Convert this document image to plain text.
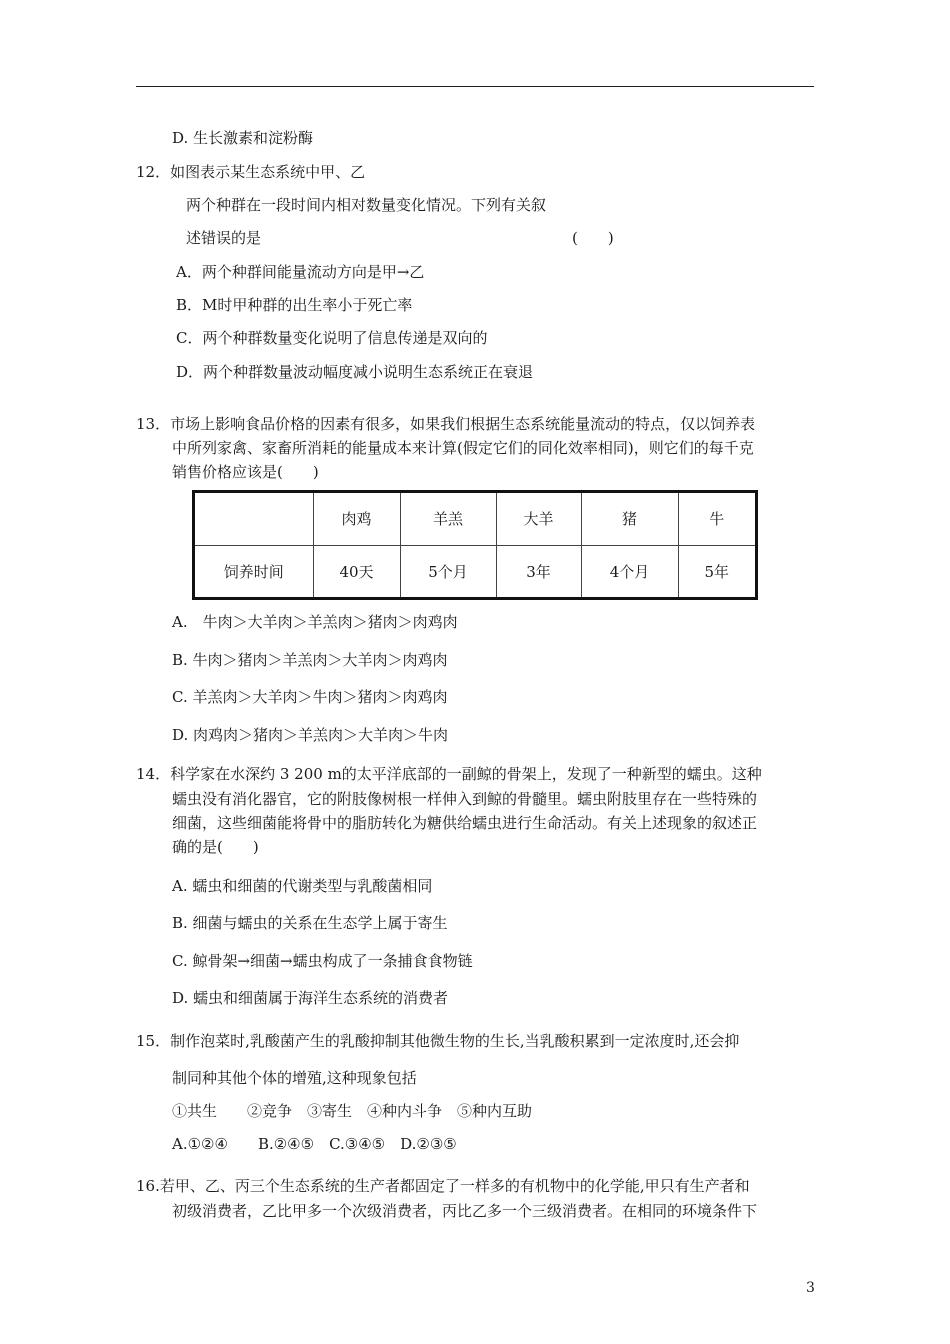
D. 生长激素和淀粉酶
12．如图表示某生态系统中甲、乙
两个种群在一段时间内相对数量变化情况。下列有关叙
述错误的是	(　　)
A．两个种群间能量流动方向是甲→乙
B．M时甲种群的出生率小于死亡率
C．两个种群数量变化说明了信息传递是双向的
D．两个种群数量波动幅度减小说明生态系统正在衰退
13．市场上影响食品价格的因素有很多，如果我们根据生态系统能量流动的特点，仅以饲养表
中所列家禽、家畜所消耗的能量成本来计算(假定它们的同化效率相同)，则它们的每千克
销售价格应该是(　　)
	肉鸡	羊羔	大羊	猪	牛
饲养时间	40天	5个月	3年	4个月	5年
A.　牛肉＞大羊肉＞羊羔肉＞猪肉＞肉鸡肉
B. 牛肉＞猪肉＞羊羔肉＞大羊肉＞肉鸡肉
C. 羊羔肉＞大羊肉＞牛肉＞猪肉＞肉鸡肉
D. 肉鸡肉＞猪肉＞羊羔肉＞大羊肉＞牛肉
14．科学家在水深约 3 200 m的太平洋底部的一副鲸的骨架上，发现了一种新型的蠕虫。这种
蠕虫没有消化器官，它的附肢像树根一样伸入到鲸的骨髓里。蠕虫附肢里存在一些特殊的
细菌，这些细菌能将骨中的脂肪转化为糖供给蠕虫进行生命活动。有关上述现象的叙述正
确的是(　　)
A. 蠕虫和细菌的代谢类型与乳酸菌相同
B. 细菌与蠕虫的关系在生态学上属于寄生
C. 鲸骨架→细菌→蠕虫构成了一条捕食食物链
D. 蠕虫和细菌属于海洋生态系统的消费者
15．制作泡菜时,乳酸菌产生的乳酸抑制其他微生物的生长,当乳酸积累到一定浓度时,还会抑
制同种其他个体的增殖,这种现象包括
①共生　　②竞争　③寄生　④种内斗争　⑤种内互助
A.①②④　　B.②④⑤　C.③④⑤　D.②③⑤
16.若甲、乙、丙三个生态系统的生产者都固定了一样多的有机物中的化学能,甲只有生产者和
初级消费者，乙比甲多一个次级消费者，丙比乙多一个三级消费者。在相同的环境条件下
3
